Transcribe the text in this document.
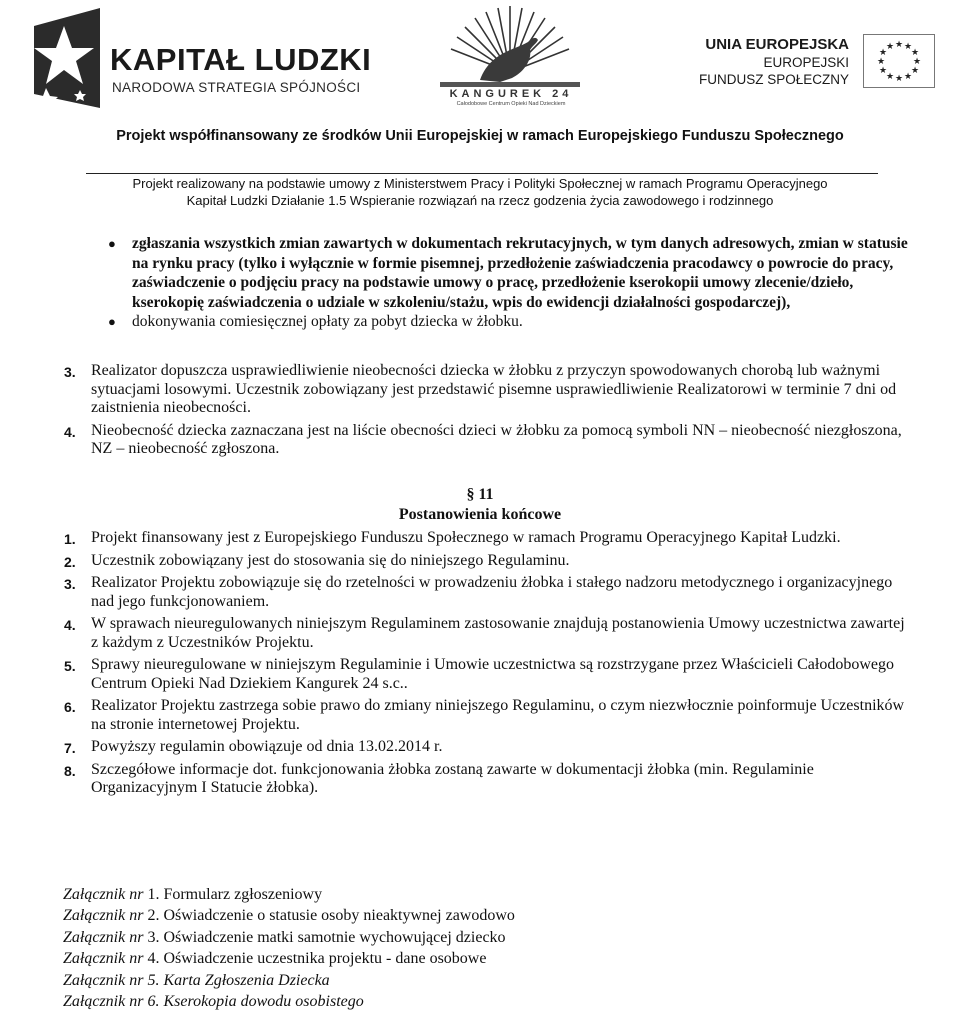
KAPITAŁ LUDZKI
NARODOWA STRATEGIA SPÓJNOŚCI	KANGUREK 24
Całodobowe Centrum Opieki Nad Dzieckiem
UNIA EUROPEJSKA
EUROPEJSKI
FUNDUSZ SPOŁECZNY
★ ★
★
★
★
★
★
★
★
★
★
★
Projekt współfinansowany ze środków Unii Europejskiej w ramach Europejskiego Funduszu Społecznego
Projekt realizowany na podstawie umowy z Ministerstwem Pracy i Polityki Społecznej w ramach Programu Operacyjnego
Kapitał Ludzki Działanie 1.5 Wspieranie rozwiązań na rzecz godzenia życia zawodowego i rodzinnego
● zgłaszania wszystkich zmian zawartych w dokumentach rekrutacyjnych, w tym danych adresowych, zmian w statusie na rynku pracy (tylko i wyłącznie w formie pisemnej, przedłożenie zaświadczenia pracodawcy o powrocie do pracy, zaświadczenie o podjęciu pracy na podstawie umowy o pracę, przedłożenie kserokopii umowy zlecenie/dzieło, kserokopię zaświadczenia o udziale w szkoleniu/stażu, wpis do ewidencji działalności gospodarczej),
● dokonywania comiesięcznej opłaty za pobyt dziecka w żłobku.
3. Realizator dopuszcza usprawiedliwienie nieobecności dziecka w żłobku z przyczyn spowodowanych chorobą lub ważnymi sytuacjami losowymi. Uczestnik zobowiązany jest przedstawić pisemne usprawiedliwienie Realizatorowi w terminie 7 dni od zaistnienia nieobecności.
4. Nieobecność dziecka zaznaczana jest na liście obecności dzieci w żłobku za pomocą symboli NN – nieobecność niezgłoszona, NZ – nieobecność zgłoszona.
§ 11
Postanowienia końcowe
1. Projekt finansowany jest z Europejskiego Funduszu Społecznego w ramach Programu Operacyjnego Kapitał Ludzki.
2. Uczestnik zobowiązany jest do stosowania się do niniejszego Regulaminu.
3. Realizator Projektu zobowiązuje się do rzetelności w prowadzeniu żłobka i stałego nadzoru metodycznego i organizacyjnego nad jego funkcjonowaniem.
4. W sprawach nieuregulowanych niniejszym Regulaminem zastosowanie znajdują postanowienia Umowy uczestnictwa zawartej z każdym z Uczestników Projektu.
5. Sprawy nieuregulowane w niniejszym Regulaminie i Umowie uczestnictwa są rozstrzygane przez Właścicieli Całodobowego Centrum Opieki Nad Dziekiem Kangurek 24 s.c..
6. Realizator Projektu zastrzega sobie prawo do zmiany niniejszego Regulaminu, o czym niezwłocznie poinformuje Uczestników na stronie internetowej Projektu.
7. Powyższy regulamin obowiązuje od dnia 13.02.2014 r.
8. Szczegółowe informacje dot. funkcjonowania żłobka zostaną zawarte w dokumentacji żłobka (min. Regulaminie Organizacyjnym I Statucie żłobka).
Załącznik nr 1. Formularz zgłoszeniowy
Załącznik nr 2. Oświadczenie o statusie osoby nieaktywnej zawodowo
Załącznik nr 3. Oświadczenie matki samotnie wychowującej dziecko
Załącznik nr 4. Oświadczenie uczestnika projektu - dane osobowe
Załącznik nr 5. Karta Zgłoszenia Dziecka
Załącznik nr 6. Kserokopia dowodu osobistego
